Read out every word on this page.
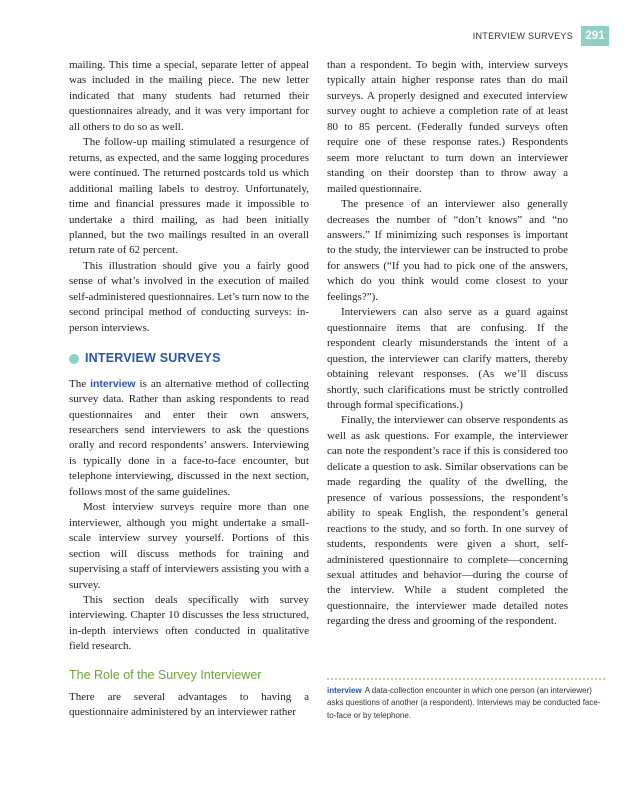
INTERVIEW SURVEYS	291

mailing. This time a special, separate letter of appeal was included in the mailing piece. The new letter indicated that many students had returned their questionnaires already, and it was very important for all others to do so as well.

The follow-up mailing stimulated a resurgence of returns, as expected, and the same logging procedures were continued. The returned postcards told us which additional mailing labels to destroy. Unfortunately, time and financial pressures made it impossible to undertake a third mailing, as had been initially planned, but the two mailings resulted in an overall return rate of 62 percent.

This illustration should give you a fairly good sense of what’s involved in the execution of mailed self-administered questionnaires. Let’s turn now to the second principal method of conducting surveys: in-person interviews.

INTERVIEW SURVEYS

The interview is an alternative method of collecting survey data. Rather than asking respondents to read questionnaires and enter their own answers, researchers send interviewers to ask the questions orally and record respondents’ answers. Interviewing is typically done in a face-to-face encounter, but telephone interviewing, discussed in the next section, follows most of the same guidelines.

Most interview surveys require more than one interviewer, although you might undertake a small-scale interview survey yourself. Portions of this section will discuss methods for training and supervising a staff of interviewers assisting you with a survey.

This section deals specifically with survey interviewing. Chapter 10 discusses the less structured, in-depth interviews often conducted in qualitative field research.

The Role of the Survey Interviewer

There are several advantages to having a questionnaire administered by an interviewer rather

than a respondent. To begin with, interview surveys typically attain higher response rates than do mail surveys. A properly designed and executed interview survey ought to achieve a completion rate of at least 80 to 85 percent. (Federally funded surveys often require one of these response rates.) Respondents seem more reluctant to turn down an interviewer standing on their doorstep than to throw away a mailed questionnaire.

The presence of an interviewer also generally decreases the number of “don’t knows” and “no answers.” If minimizing such responses is important to the study, the interviewer can be instructed to probe for answers (“If you had to pick one of the answers, which do you think would come closest to your feelings?”).

Interviewers can also serve as a guard against questionnaire items that are confusing. If the respondent clearly misunderstands the intent of a question, the interviewer can clarify matters, thereby obtaining relevant responses. (As we’ll discuss shortly, such clarifications must be strictly controlled through formal specifications.)

Finally, the interviewer can observe respondents as well as ask questions. For example, the interviewer can note the respondent’s race if this is considered too delicate a question to ask. Similar observations can be made regarding the quality of the dwelling, the presence of various possessions, the respondent’s ability to speak English, the respondent’s general reactions to the study, and so forth. In one survey of students, respondents were given a short, self-administered questionnaire to complete—concerning sexual attitudes and behavior—during the course of the interview. While a student completed the questionnaire, the interviewer made detailed notes regarding the dress and grooming of the respondent.

interview A data-collection encounter in which one person (an interviewer) asks questions of another (a respondent). Interviews may be conducted face-to-face or by telephone.
